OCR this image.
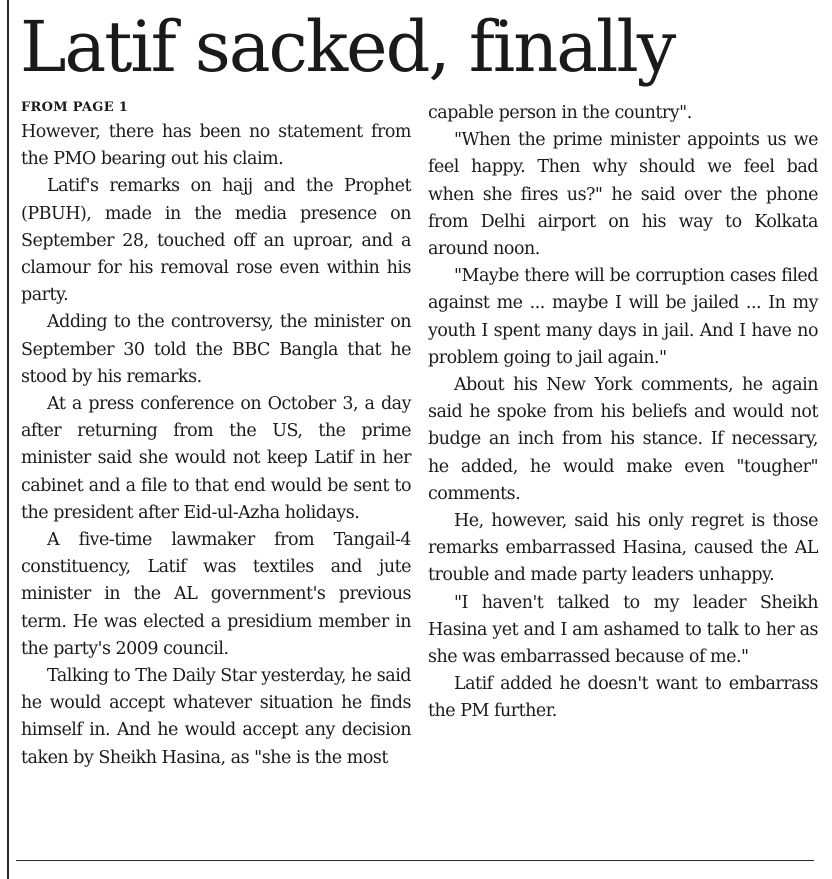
Latif sacked, finally
FROM PAGE 1

However, there has been no statement from the PMO bearing out his claim.

Latif's remarks on hajj and the Prophet (PBUH), made in the media presence on September 28, touched off an uproar, and a clamour for his removal rose even within his party.

Adding to the controversy, the minister on September 30 told the BBC Bangla that he stood by his remarks.

At a press conference on October 3, a day after returning from the US, the prime minister said she would not keep Latif in her cabinet and a file to that end would be sent to the president after Eid-ul-Azha holidays.

A five-time lawmaker from Tangail-4 constituency, Latif was textiles and jute minister in the AL government's previous term. He was elected a presidium member in the party's 2009 council.

Talking to The Daily Star yesterday, he said he would accept whatever situation he finds himself in. And he would accept any decision taken by Sheikh Hasina, as "she is the most

capable person in the country".

"When the prime minister appoints us we feel happy. Then why should we feel bad when she fires us?" he said over the phone from Delhi airport on his way to Kolkata around noon.

"Maybe there will be corruption cases filed against me ... maybe I will be jailed ... In my youth I spent many days in jail. And I have no problem going to jail again."

About his New York comments, he again said he spoke from his beliefs and would not budge an inch from his stance. If necessary, he added, he would make even "tougher" comments.

He, however, said his only regret is those remarks embarrassed Hasina, caused the AL trouble and made party leaders unhappy.

"I haven't talked to my leader Sheikh Hasina yet and I am ashamed to talk to her as she was embarrassed because of me."

Latif added he doesn't want to embarrass the PM further.
